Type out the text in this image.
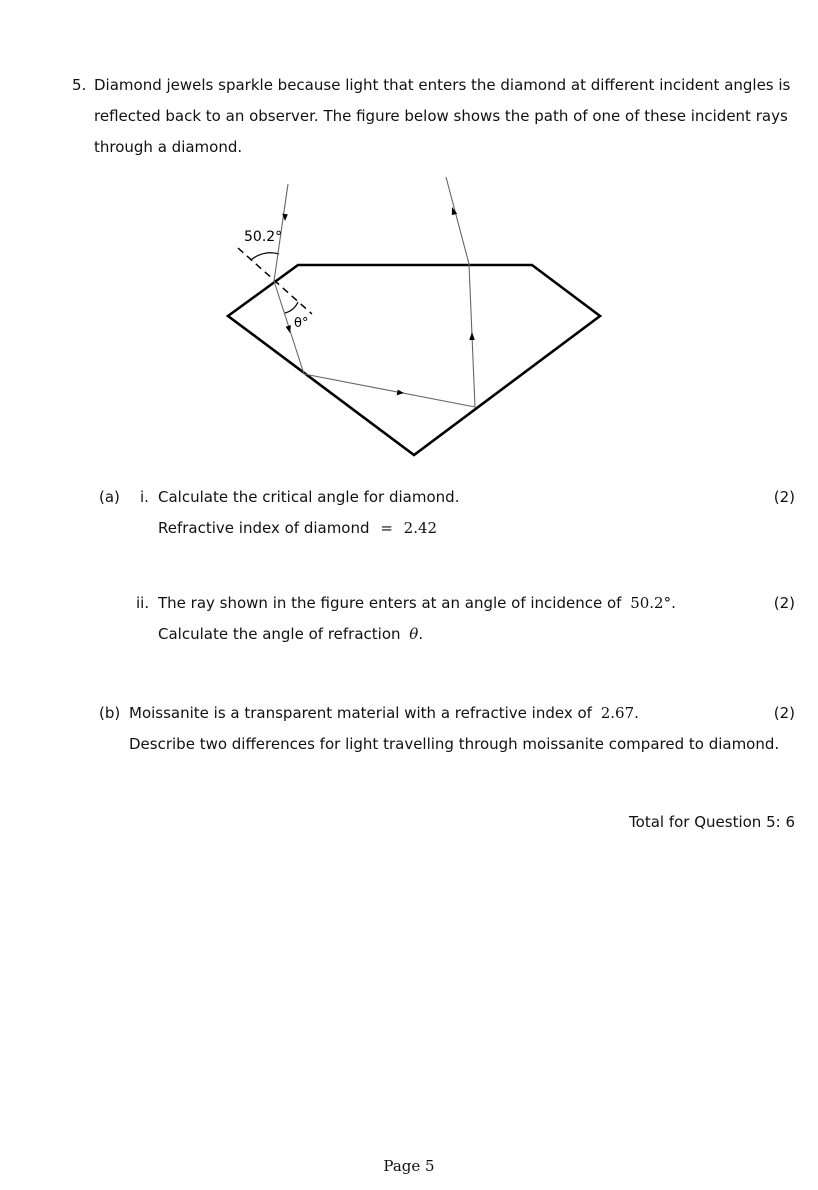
5. Diamond jewels sparkle because light that enters the diamond at different incident angles is
reflected back to an observer. The figure below shows the path of one of these incident rays
through a diamond.
50.2°
θ°
(a) i. Calculate the critical angle for diamond.	(2)
Refractive index of diamond = 2.42
ii. The ray shown in the figure enters at an angle of incidence of 50.2°.	(2)
Calculate the angle of refraction θ.
(b) Moissanite is a transparent material with a refractive index of 2.67.	(2)
Describe two differences for light travelling through moissanite compared to diamond.
Total for Question 5: 6
Page 5
